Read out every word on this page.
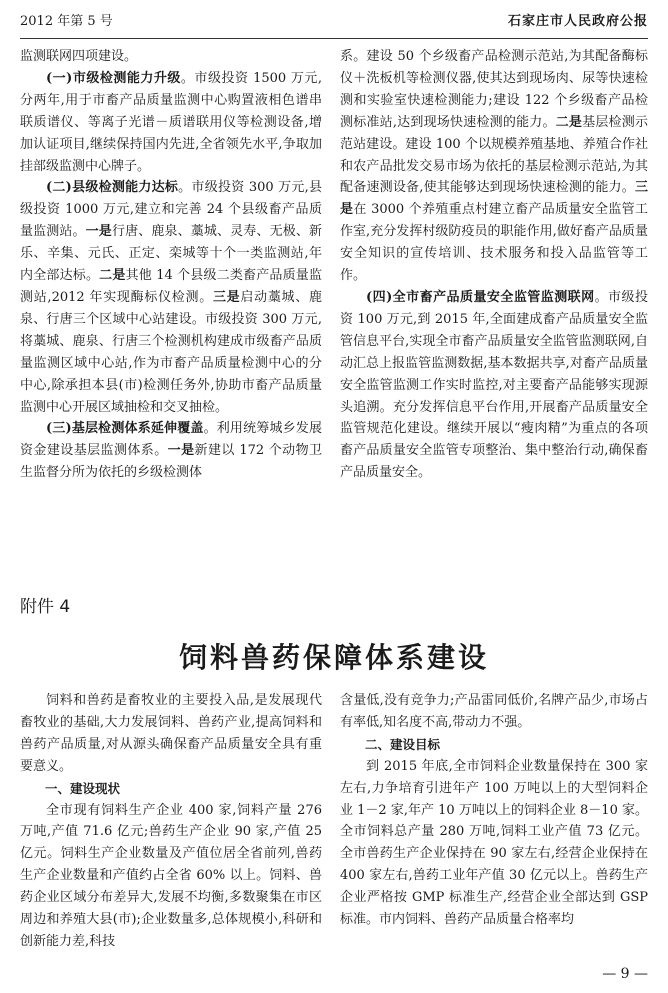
2012 年第 5 号	石家庄市人民政府公报

监测联网四项建设。

(一)市级检测能力升级。市级投资 1500 万元,分两年,用于市畜产品质量监测中心购置液相色谱串联质谱仪、等离子光谱－质谱联用仪等检测设备,增加认证项目,继续保持国内先进,全省领先水平,争取加挂部级监测中心牌子。

(二)县级检测能力达标。市级投资 300 万元,县级投资 1000 万元,建立和完善 24 个县级畜产品质量监测站。一是行唐、鹿泉、藁城、灵寿、无极、新乐、辛集、元氏、正定、栾城等十个一类监测站,年内全部达标。二是其他 14 个县级二类畜产品质量监测站,2012 年实现酶标仪检测。三是启动藁城、鹿泉、行唐三个区域中心站建设。市级投资 300 万元,将藁城、鹿泉、行唐三个检测机构建成市级畜产品质量监测区域中心站,作为市畜产品质量检测中心的分中心,除承担本县(市)检测任务外,协助市畜产品质量监测中心开展区域抽检和交叉抽检。

(三)基层检测体系延伸覆盖。利用统筹城乡发展资金建设基层监测体系。一是新建以 172 个动物卫生监督分所为依托的乡级检测体

系。建设 50 个乡级畜产品检测示范站,为其配备酶标仪＋洗板机等检测仪器,使其达到现场肉、尿等快速检测和实验室快速检测能力;建设 122 个乡级畜产品检测标准站,达到现场快速检测的能力。二是基层检测示范站建设。建设 100 个以规模养殖基地、养殖合作社和农产品批发交易市场为依托的基层检测示范站,为其配备速测设备,使其能够达到现场快速检测的能力。三是在 3000 个养殖重点村建立畜产品质量安全监管工作室,充分发挥村级防疫员的职能作用,做好畜产品质量安全知识的宣传培训、技术服务和投入品监管等工作。

(四)全市畜产品质量安全监管监测联网。市级投资 100 万元,到 2015 年,全面建成畜产品质量安全监管信息平台,实现全市畜产品质量安全监管监测联网,自动汇总上报监管监测数据,基本数据共享,对畜产品质量安全监管监测工作实时监控,对主要畜产品能够实现源头追溯。充分发挥信息平台作用,开展畜产品质量安全监管规范化建设。继续开展以“瘦肉精”为重点的各项畜产品质量安全监管专项整治、集中整治行动,确保畜产品质量安全。

附件 4
饲料兽药保障体系建设

饲料和兽药是畜牧业的主要投入品,是发展现代畜牧业的基础,大力发展饲料、兽药产业,提高饲料和兽药产品质量,对从源头确保畜产品质量安全具有重要意义。

一、建设现状

全市现有饲料生产企业 400 家,饲料产量 276 万吨,产值 71.6 亿元;兽药生产企业 90 家,产值 25 亿元。饲料生产企业数量及产值位居全省前列,兽药生产企业数量和产值约占全省 60% 以上。饲料、兽药企业区域分布差异大,发展不均衡,多数聚集在市区周边和养殖大县(市);企业数量多,总体规模小,科研和创新能力差,科技

含量低,没有竞争力;产品雷同低价,名牌产品少,市场占有率低,知名度不高,带动力不强。

二、建设目标

到 2015 年底,全市饲料企业数量保持在 300 家左右,力争培育引进年产 100 万吨以上的大型饲料企业 1－2 家,年产 10 万吨以上的饲料企业 8－10 家。全市饲料总产量 280 万吨,饲料工业产值 73 亿元。全市兽药生产企业保持在 90 家左右,经营企业保持在 400 家左右,兽药工业年产值 30 亿元以上。兽药生产企业严格按 GMP 标准生产,经营企业全部达到 GSP 标准。市内饲料、兽药产品质量合格率均

— 9 —
